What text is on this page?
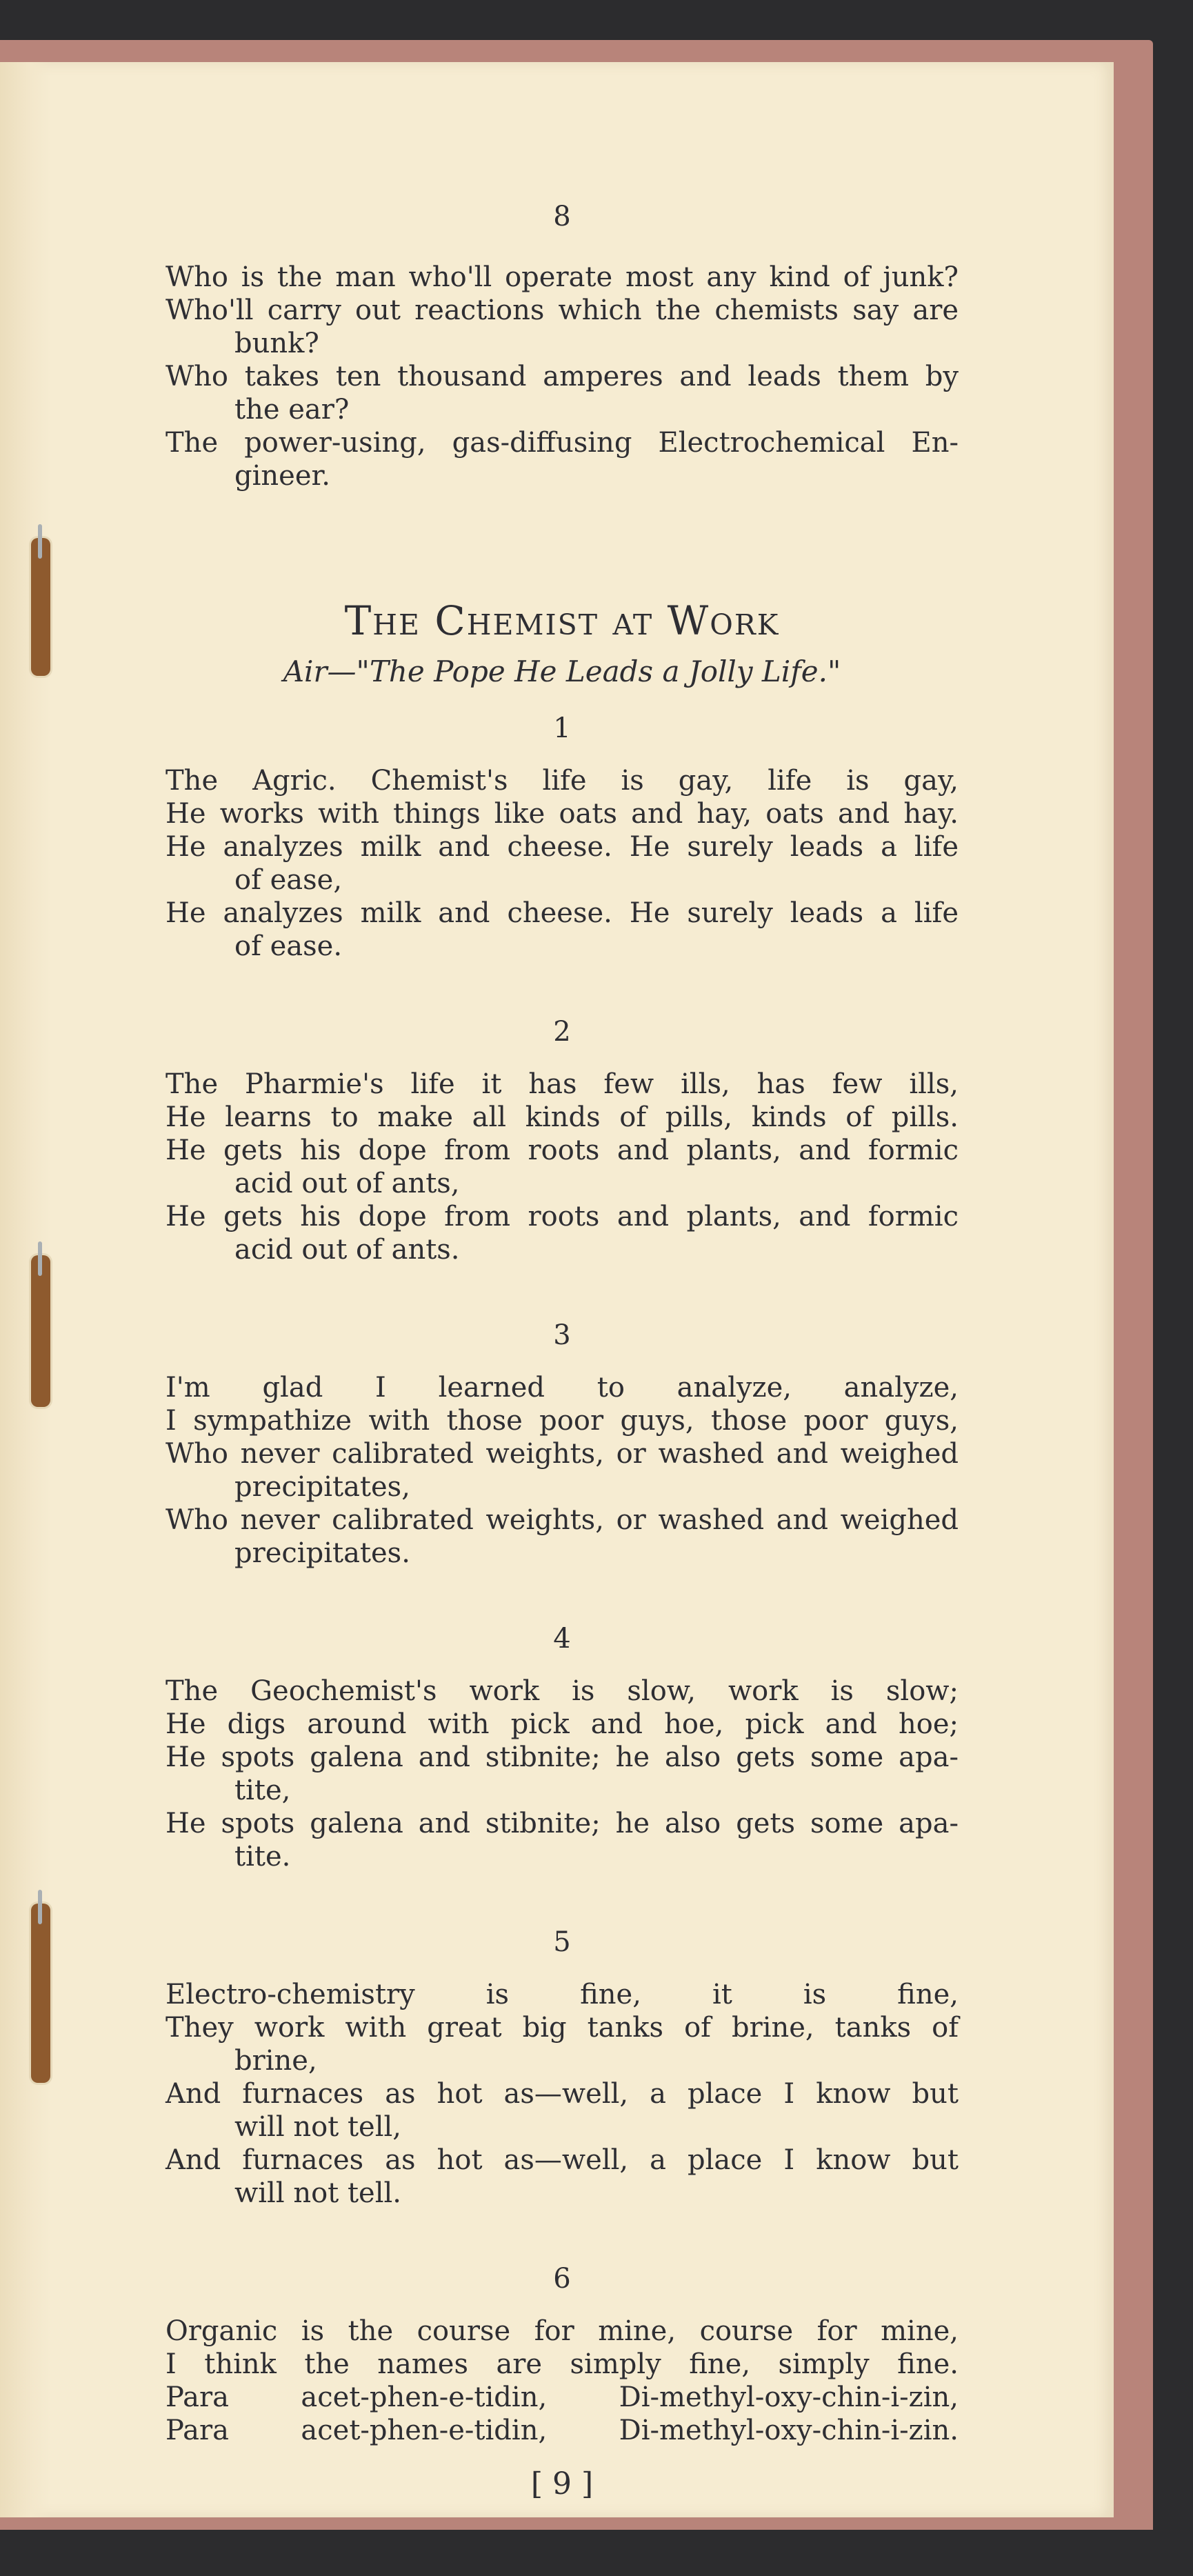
8

Who is the man who'll operate most any kind of junk?

Who'll carry out reactions which the chemists say are

bunk?

Who takes ten thousand amperes and leads them by

the ear?

The power-using, gas-diffusing Electrochemical En-

gineer.

The Chemist at Work

Air—"The Pope He Leads a Jolly Life."

1

The Agric. Chemist's life is gay, life is gay,

He works with things like oats and hay, oats and hay.

He analyzes milk and cheese. He surely leads a life

of ease,

He analyzes milk and cheese. He surely leads a life

of ease.

2

The Pharmie's life it has few ills, has few ills,

He learns to make all kinds of pills, kinds of pills.

He gets his dope from roots and plants, and formic

acid out of ants,

He gets his dope from roots and plants, and formic

acid out of ants.

3

I'm glad I learned to analyze, analyze,

I sympathize with those poor guys, those poor guys,

Who never calibrated weights, or washed and weighed

precipitates,

Who never calibrated weights, or washed and weighed

precipitates.

4

The Geochemist's work is slow, work is slow;

He digs around with pick and hoe, pick and hoe;

He spots galena and stibnite; he also gets some apa-

tite,

He spots galena and stibnite; he also gets some apa-

tite.

5

Electro-chemistry is fine, it is fine,

They work with great big tanks of brine, tanks of

brine,

And furnaces as hot as—well, a place I know but

will not tell,

And furnaces as hot as—well, a place I know but

will not tell.

6

Organic is the course for mine, course for mine,

I think the names are simply fine, simply fine.

Para acet-phen-e-tidin, Di-methyl-oxy-chin-i-zin,

Para acet-phen-e-tidin, Di-methyl-oxy-chin-i-zin.

[ 9 ]
